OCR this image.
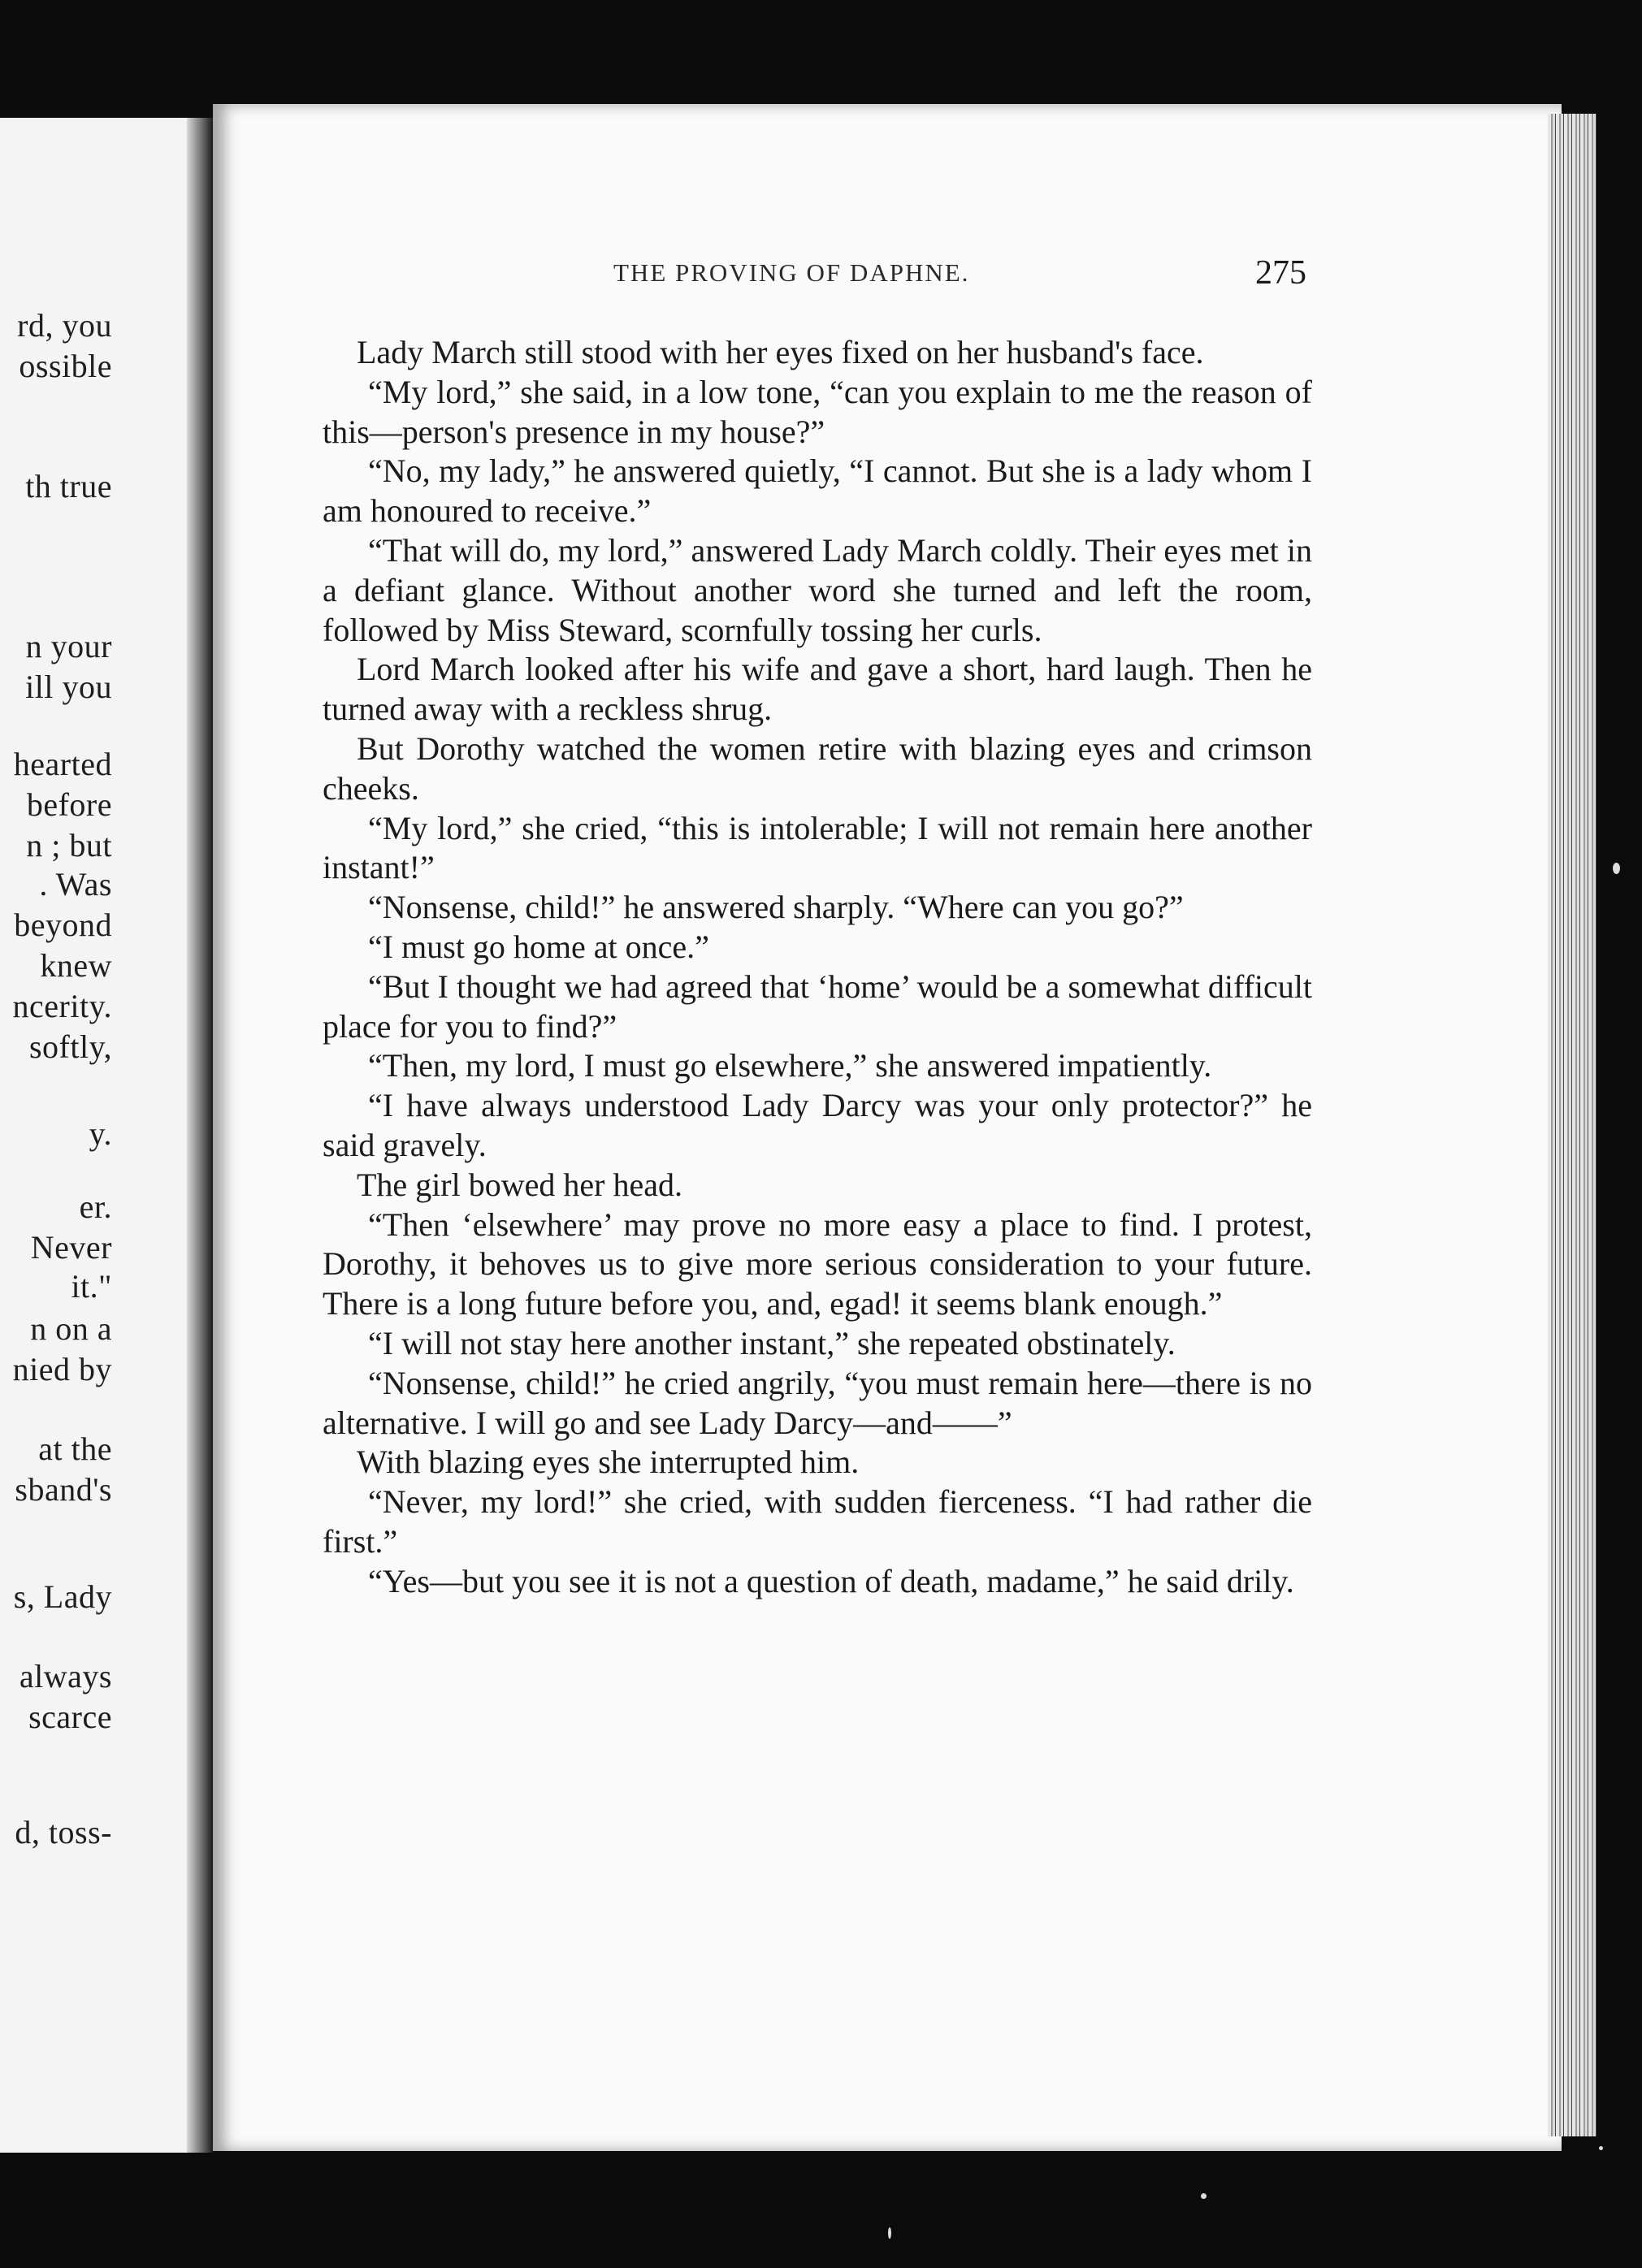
rd, you
ossible
th true
n your
ill you
hearted
before
n ; but
. Was
beyond
knew
ncerity.
softly,
y.
er.
Never
it."
n on a
nied by
at the
sband's
s, Lady
always
scarce
d, toss-
THE PROVING OF DAPHNE.	275

Lady March still stood with her eyes fixed on her husband's face.

“My lord,” she said, in a low tone, “can you explain to me the reason of this—person's presence in my house?”

“No, my lady,” he answered quietly, “I cannot. But she is a lady whom I am honoured to receive.”

“That will do, my lord,” answered Lady March coldly. Their eyes met in a defiant glance. Without another word she turned and left the room, followed by Miss Steward, scornfully tossing her curls.

Lord March looked after his wife and gave a short, hard laugh. Then he turned away with a reckless shrug.

But Dorothy watched the women retire with blazing eyes and crimson cheeks.

“My lord,” she cried, “this is intolerable; I will not remain here another instant!”

“Nonsense, child!” he answered sharply. “Where can you go?”

“I must go home at once.”

“But I thought we had agreed that ‘home’ would be a somewhat difficult place for you to find?”

“Then, my lord, I must go elsewhere,” she answered impatiently.

“I have always understood Lady Darcy was your only protector?” he said gravely.

The girl bowed her head.

“Then ‘elsewhere’ may prove no more easy a place to find. I protest, Dorothy, it behoves us to give more serious consideration to your future. There is a long future before you, and, egad! it seems blank enough.”

“I will not stay here another instant,” she repeated obstinately.

“Nonsense, child!” he cried angrily, “you must remain here—there is no alternative. I will go and see Lady Darcy—and——”

With blazing eyes she interrupted him.

“Never, my lord!” she cried, with sudden fierceness. “I had rather die first.”

“Yes—but you see it is not a question of death, madame,” he said drily.
